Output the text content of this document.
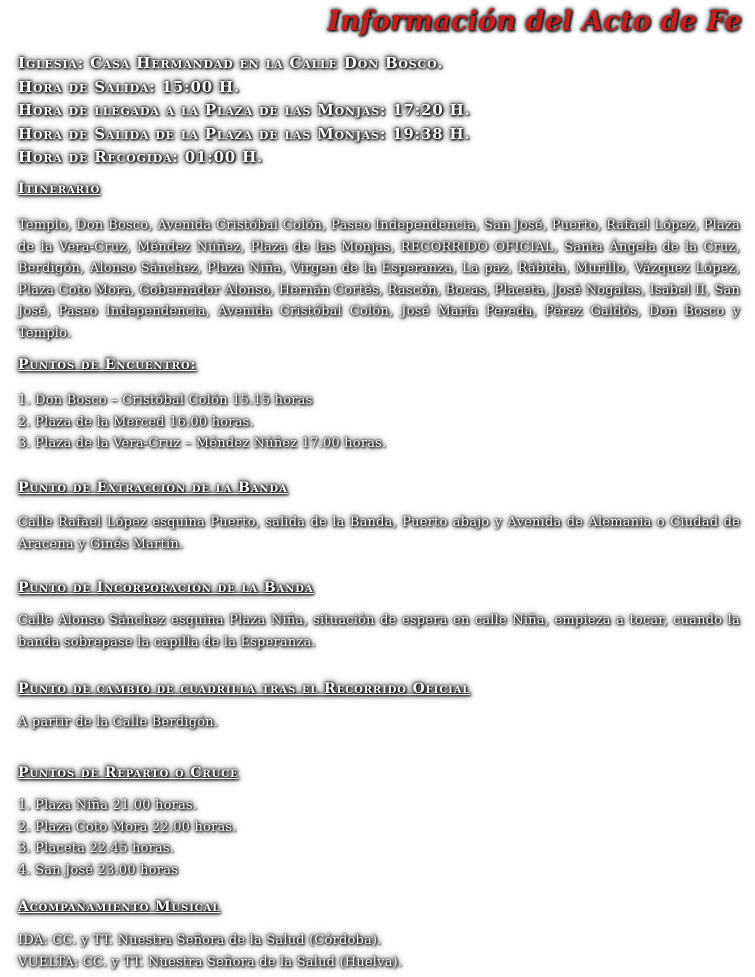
Información del Acto de Fe
Iglesia: Casa Hermandad en la Calle Don Bosco.
Hora de Salida: 15:00 H.
Hora de llegada a la Plaza de las Monjas: 17:20 H.
Hora de Salida de la Plaza de las Monjas: 19:38 H.
Hora de Recogida: 01:00 H.
Itinerario
Templo, Don Bosco, Avenida Cristóbal Colón, Paseo Independencia, San José, Puerto, Rafael López, Plaza de la Vera-Cruz, Méndez Núñez, Plaza de las Monjas, RECORRIDO OFICIAL, Santa Ángela de la Cruz, Berdigón, Alonso Sánchez, Plaza Niña, Virgen de la Esperanza, La paz, Rábida, Murillo, Vázquez López, Plaza Coto Mora, Gobernador Alonso, Hernán Cortés, Rascón, Bocas, Placeta, José Nogales, Isabel II, San José, Paseo Independencia, Avenida Cristóbal Colón, José María Pereda, Pérez Galdós, Don Bosco y Templo.
Puntos de Encuentro:
1. Don Bosco – Cristóbal Colón 15.15 horas
2. Plaza de la Merced 16.00 horas.
3. Plaza de la Vera-Cruz – Méndez Núñez 17.00 horas.
Punto de Extracción de la Banda
Calle Rafael López esquina Puerto, salida de la Banda, Puerto abajo y Avenida de Alemania o Ciudad de Aracena y Ginés Martín.
Punto de Incorporación de la Banda
Calle Alonso Sánchez esquina Plaza Niña, situación de espera en calle Niña, empieza a tocar, cuando la banda sobrepase la capilla de la Esperanza.
Punto de cambio de cuadrilla tras el Recorrido Oficial
A partir de la Calle Berdigón.
Puntos de Reparto o Cruce
1. Plaza Niña 21.00 horas.
2. Plaza Coto Mora 22.00 horas.
3. Placeta 22.45 horas.
4. San José 23.00 horas
Acompañamiento Musical
IDA: CC. y TT. Nuestra Señora de la Salud (Córdoba).
VUELTA: CC. y TT. Nuestra Señora de la Salud (Huelva).
